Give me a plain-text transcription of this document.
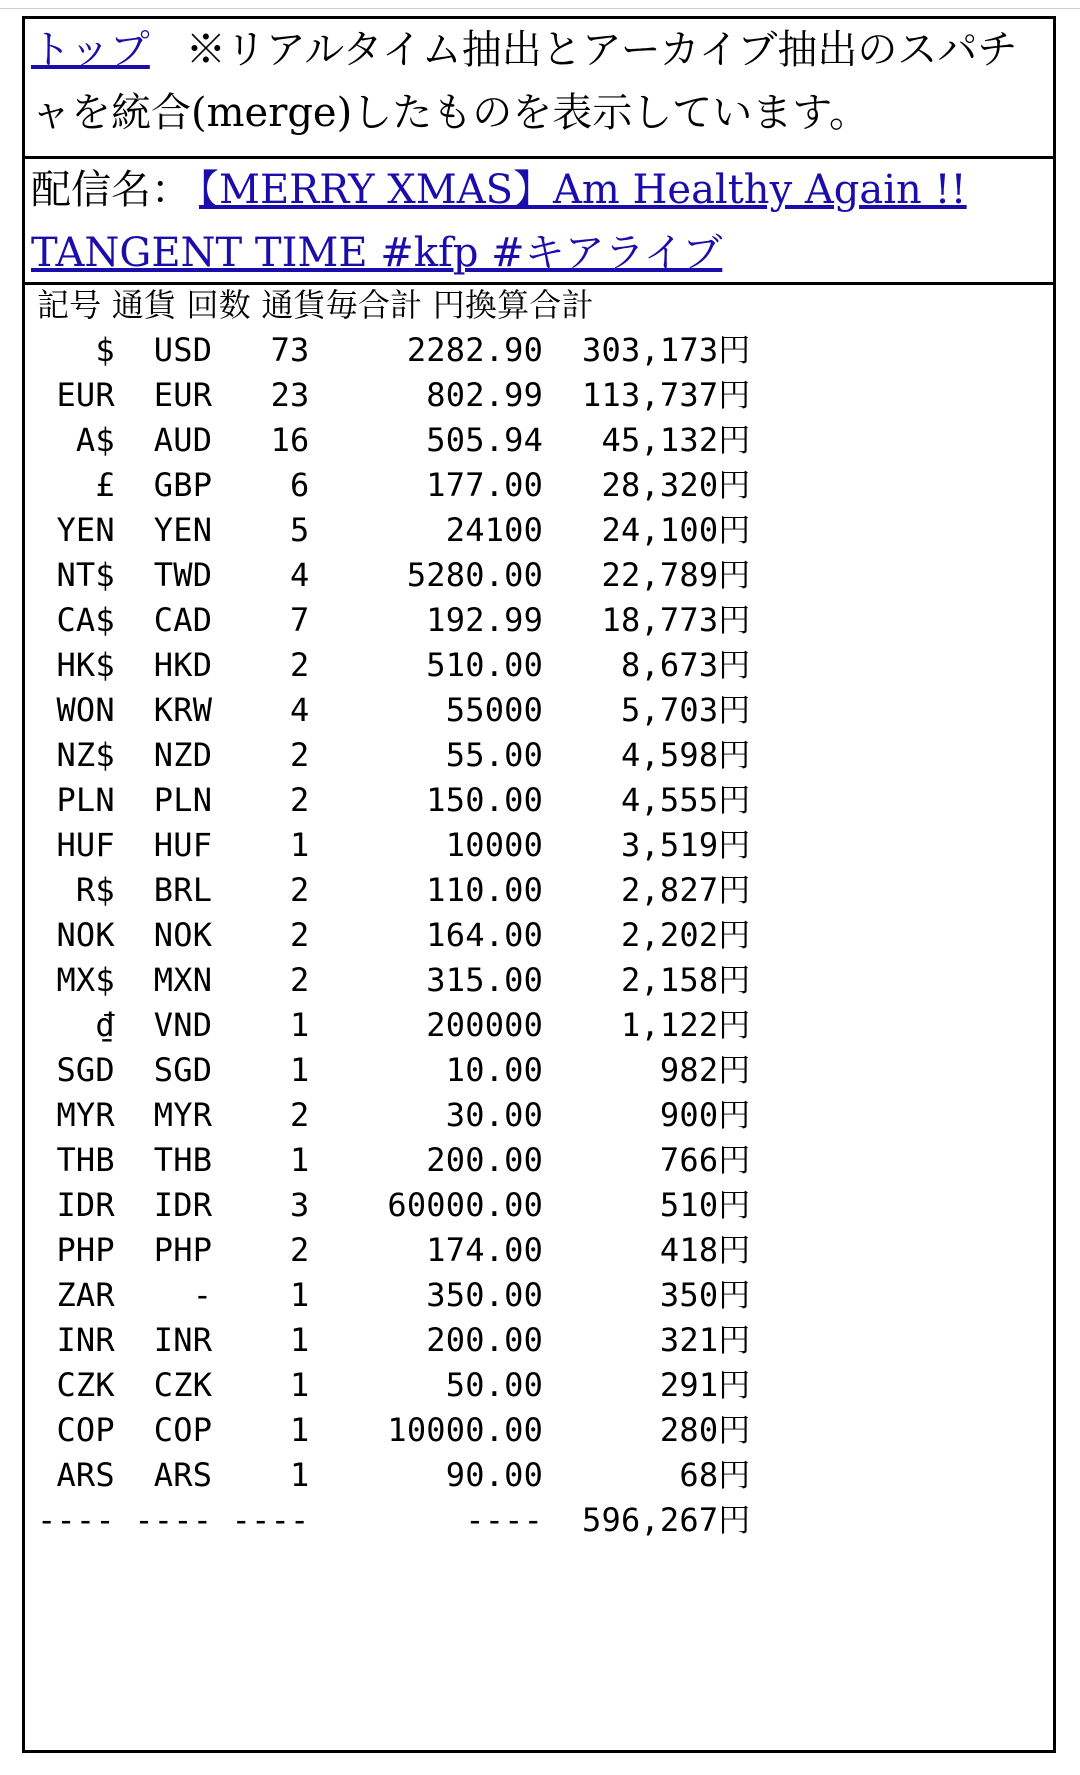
トップ ※リアルタイム抽出とアーカイブ抽出のスパチャを統合(merge)したものを表示しています。
配信名： 【MERRY XMAS】Am Healthy Again !! TANGENT TIME #kfp #キアライブ
記号 通貨 回数 通貨毎合計 円換算合計
$  USD   73     2282.90  303,173円
EUR  EUR   23      802.99  113,737円
A$  AUD   16      505.94   45,132円
£  GBP    6      177.00   28,320円
YEN  YEN    5       24100   24,100円
NT$  TWD    4     5280.00   22,789円
CA$  CAD    7      192.99   18,773円
HK$  HKD    2      510.00    8,673円
WON  KRW    4       55000    5,703円
NZ$  NZD    2       55.00    4,598円
PLN  PLN    2      150.00    4,555円
HUF  HUF    1       10000    3,519円
R$  BRL    2      110.00    2,827円
NOK  NOK    2      164.00    2,202円
MX$  MXN    2      315.00    2,158円
₫  VND    1      200000    1,122円
SGD  SGD    1       10.00      982円
MYR  MYR    2       30.00      900円
THB  THB    1      200.00      766円
IDR  IDR    3    60000.00      510円
PHP  PHP    2      174.00      418円
ZAR    -    1      350.00      350円
INR  INR    1      200.00      321円
CZK  CZK    1       50.00      291円
COP  COP    1    10000.00      280円
ARS  ARS    1       90.00       68円
---- ---- ----        ----  596,267円
